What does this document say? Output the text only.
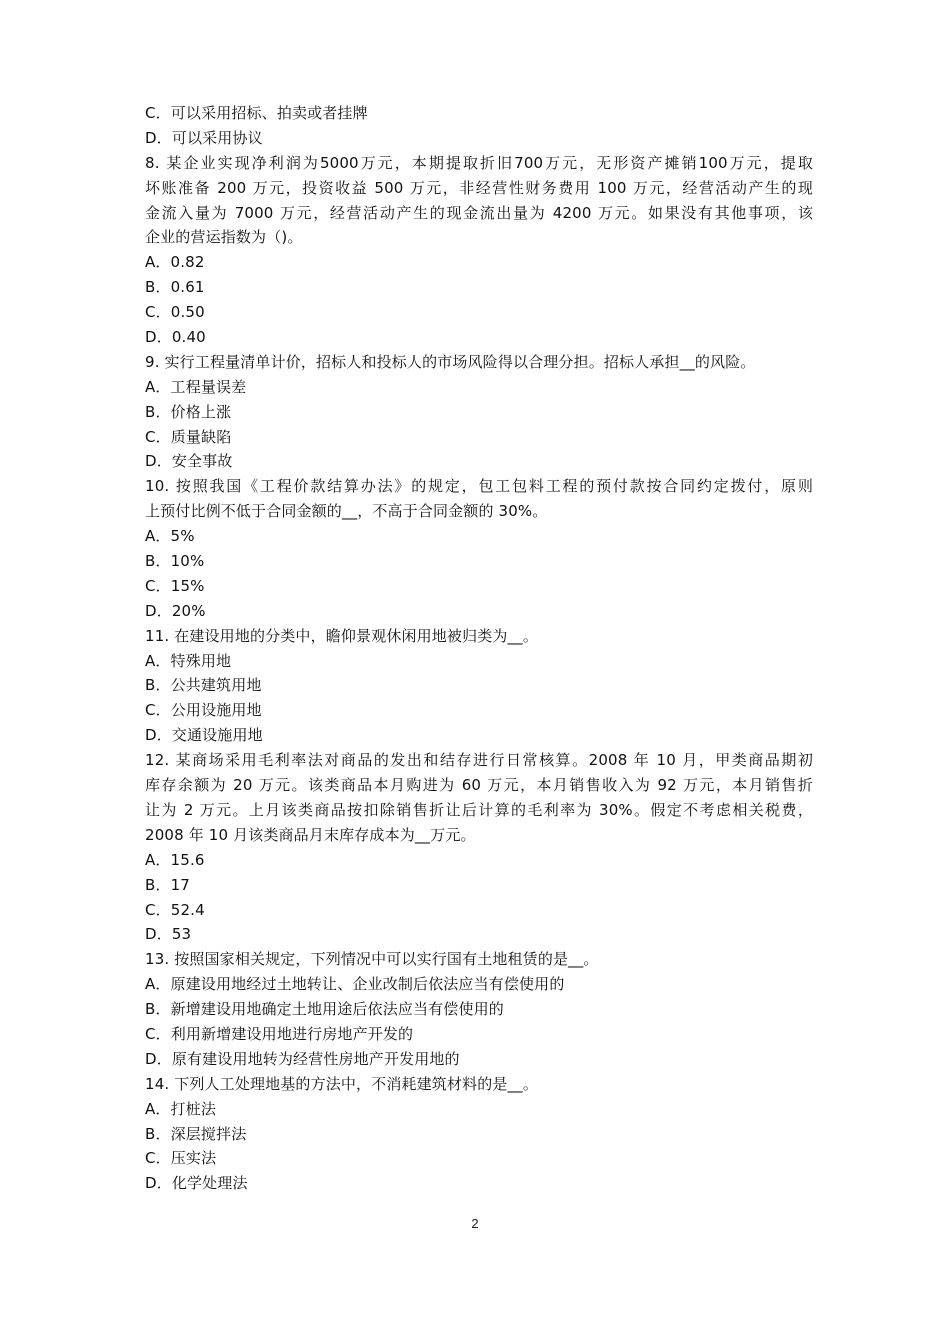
C．可以采用招标、拍卖或者挂牌
D．可以采用协议
8. 某企业实现净利润为5000万元，本期提取折旧700万元，无形资产摊销100万元，提取
坏账准备 200 万元，投资收益 500 万元，非经营性财务费用 100 万元，经营活动产生的现
金流入量为 7000 万元，经营活动产生的现金流出量为 4200 万元。如果没有其他事项，该
企业的营运指数为（)。
A．0.82
B．0.61
C．0.50
D．0.40
9. 实行工程量清单计价，招标人和投标人的市场风险得以合理分担。招标人承担__的风险。
A．工程量误差
B．价格上涨
C．质量缺陷
D．安全事故
10. 按照我国《工程价款结算办法》的规定，包工包料工程的预付款按合同约定拨付，原则
上预付比例不低于合同金额的__，不高于合同金额的 30%。
A．5%
B．10%
C．15%
D．20%
11. 在建设用地的分类中，瞻仰景观休闲用地被归类为__。
A．特殊用地
B．公共建筑用地
C．公用设施用地
D．交通设施用地
12. 某商场采用毛利率法对商品的发出和结存进行日常核算。2008 年 10 月，甲类商品期初
库存余额为 20 万元。该类商品本月购进为 60 万元，本月销售收入为 92 万元，本月销售折
让为 2 万元。上月该类商品按扣除销售折让后计算的毛利率为 30%。假定不考虑相关税费，
2008 年 10 月该类商品月末库存成本为__万元。
A．15.6
B．17
C．52.4
D．53
13. 按照国家相关规定，下列情况中可以实行国有土地租赁的是__。
A．原建设用地经过土地转让、企业改制后依法应当有偿使用的
B．新增建设用地确定土地用途后依法应当有偿使用的
C．利用新增建设用地进行房地产开发的
D．原有建设用地转为经营性房地产开发用地的
14. 下列人工处理地基的方法中，不消耗建筑材料的是__。
A．打桩法
B．深层搅拌法
C．压实法
D．化学处理法
2
